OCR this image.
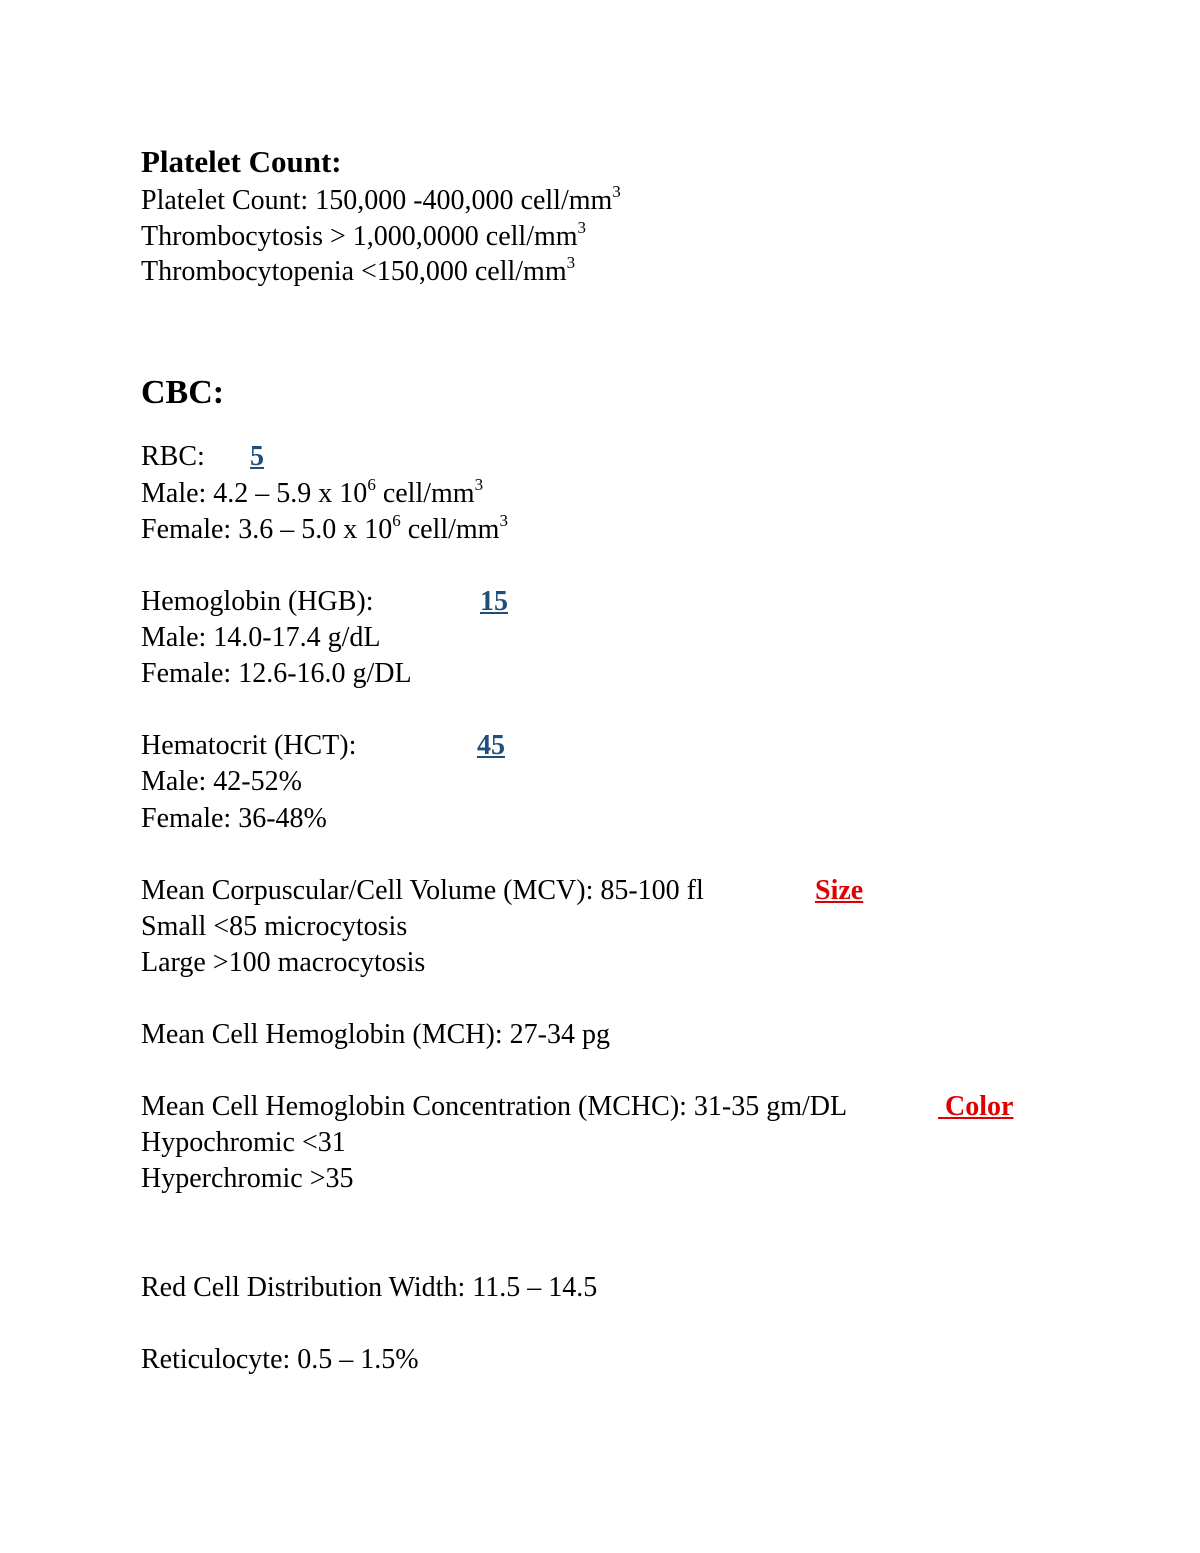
Platelet Count:
Platelet Count: 150,000 -400,000 cell/$mm^3$
Thrombocytosis > 1,000,0000 cell/$mm^3$
Thrombocytopenia <150,000 cell/$mm^3$
CBC:
RBC: 5
Male: 4.2 – 5.9 x $10^6$ cell/$mm^3$
Female: 3.6 – 5.0 x $10^6$ cell/$mm^3$
Hemoglobin (HGB):	15
Male: 14.0-17.4 g/dL
Female: 12.6-16.0 g/DL
Hematocrit (HCT):	45
Male: 42-52%
Female: 36-48%
Mean Corpuscular/Cell Volume (MCV): 85-100 fl	Size
Small <85 microcytosis
Large >100 macrocytosis
Mean Cell Hemoglobin (MCH): 27-34 pg
Mean Cell Hemoglobin Concentration (MCHC): 31-35 gm/DL	Color
Hypochromic <31
Hyperchromic >35
Red Cell Distribution Width: 11.5 – 14.5
Reticulocyte: 0.5 – 1.5%
